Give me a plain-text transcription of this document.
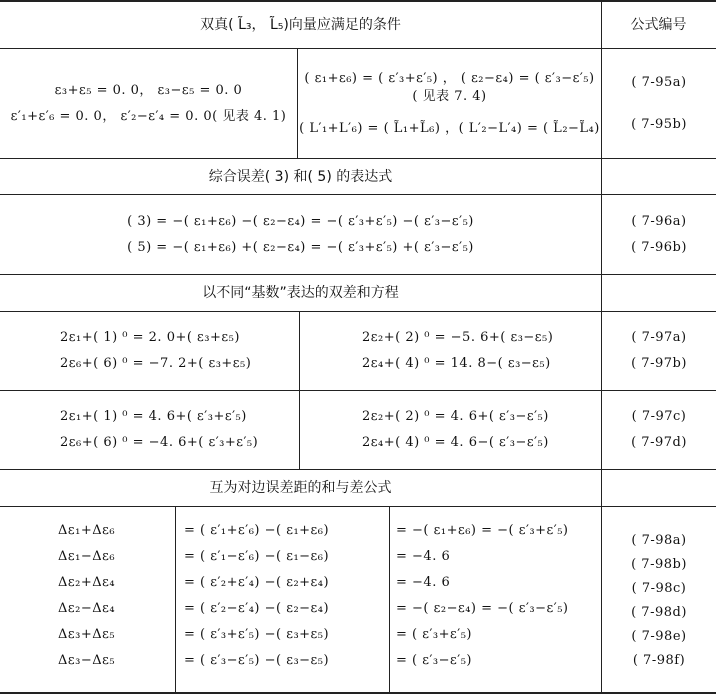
双真( L̃₃， L̃₅)向量应满足的条件	公式编号
ε₃+ε₅ = 0. 0， ε₃−ε₅ = 0. 0
ε′₁+ε′₆ = 0. 0， ε′₂−ε′₄ = 0. 0( 见表 4. 1)
( ε₁+ε₆) = ( ε′₃+ε′₅) ， ( ε₂−ε₄) = ( ε′₃−ε′₅)
( 见表 7. 4)
( L′₁+L′₆) = ( L̃₁+L̃₆) ，( L′₂−L′₄) = ( L̃₂−L̃₄)
( 7-95a)
( 7-95b)
综合误差( 3) 和( 5) 的表达式
( 3) = −( ε₁+ε₆) −( ε₂−ε₄) = −( ε′₃+ε′₅) −( ε′₃−ε′₅)
( 5) = −( ε₁+ε₆) +( ε₂−ε₄) = −( ε′₃+ε′₅) +( ε′₃−ε′₅)
( 7-96a)
( 7-96b)
以不同“基数”表达的双差和方程
2ε₁+( 1) ⁰ = 2. 0+( ε₃+ε₅)
2ε₆+( 6) ⁰ = −7. 2+( ε₃+ε₅)
2ε₂+( 2) ⁰ = −5. 6+( ε₃−ε₅)
2ε₄+( 4) ⁰ = 14. 8−( ε₃−ε₅)
( 7-97a)
( 7-97b)
2ε₁+( 1) ⁰ = 4. 6+( ε′₃+ε′₅)
2ε₆+( 6) ⁰ = −4. 6+( ε′₃+ε′₅)
2ε₂+( 2) ⁰ = 4. 6+( ε′₃−ε′₅)
2ε₄+( 4) ⁰ = 4. 6−( ε′₃−ε′₅)
( 7-97c)
( 7-97d)
互为对边误差距的和与差公式
Δε₁+Δε₆
Δε₁−Δε₆
Δε₂+Δε₄
Δε₂−Δε₄
Δε₃+Δε₅
Δε₃−Δε₅
= ( ε′₁+ε′₆) −( ε₁+ε₆)
= ( ε′₁−ε′₆) −( ε₁−ε₆)
= ( ε′₂+ε′₄) −( ε₂+ε₄)
= ( ε′₂−ε′₄) −( ε₂−ε₄)
= ( ε′₃+ε′₅) −( ε₃+ε₅)
= ( ε′₃−ε′₅) −( ε₃−ε₅)
= −( ε₁+ε₆) = −( ε′₃+ε′₅)
= −4. 6
= −4. 6
= −( ε₂−ε₄) = −( ε′₃−ε′₅)
= ( ε′₃+ε′₅)
= ( ε′₃−ε′₅)
( 7-98a)
( 7-98b)
( 7-98c)
( 7-98d)
( 7-98e)
( 7-98f)
